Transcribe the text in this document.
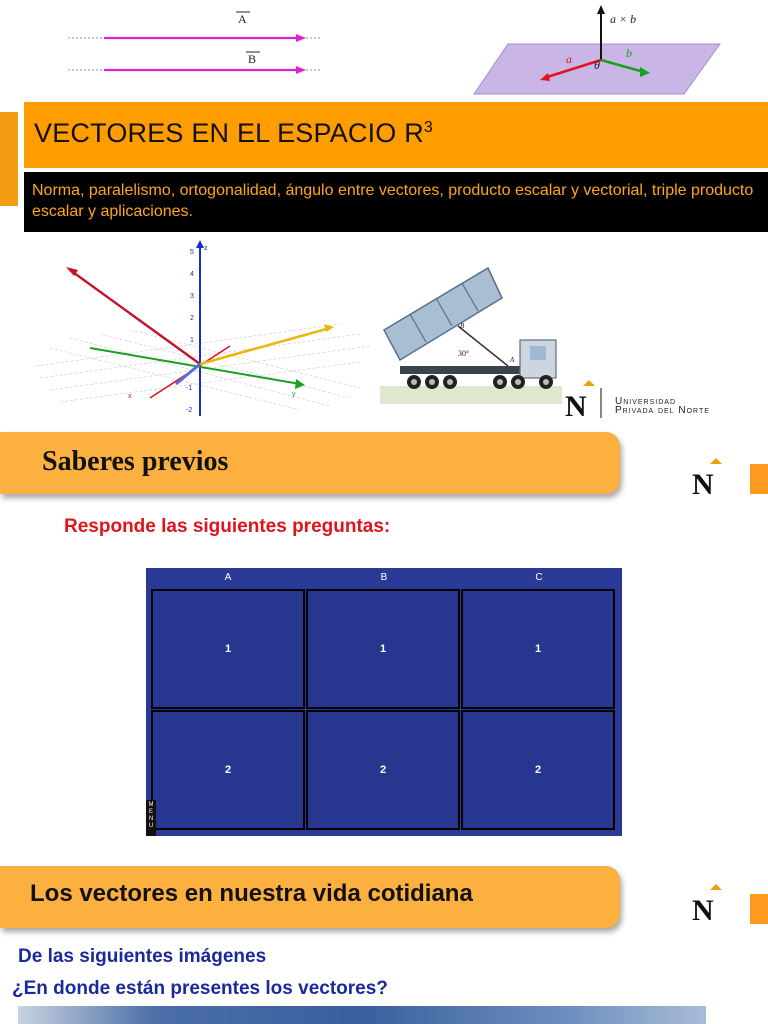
A
B
a × b
a	b
θ
VECTORES EN EL ESPACIO $R^3$
Norma, paralelismo, ortogonalidad, ángulo entre vectores, producto escalar y vectorial, triple producto escalar y aplicaciones.
z
5
4
3
2
1
-1
-2
x	y
B
30°
A
N	Universidad
Privada del Norte
Saberes previos
N
Responde las siguientes preguntas:
A	B	C
1	1	1
2	2	2
MENU
Los vectores en nuestra vida cotidiana
N
De las siguientes imágenes
¿En donde están presentes los vectores?
